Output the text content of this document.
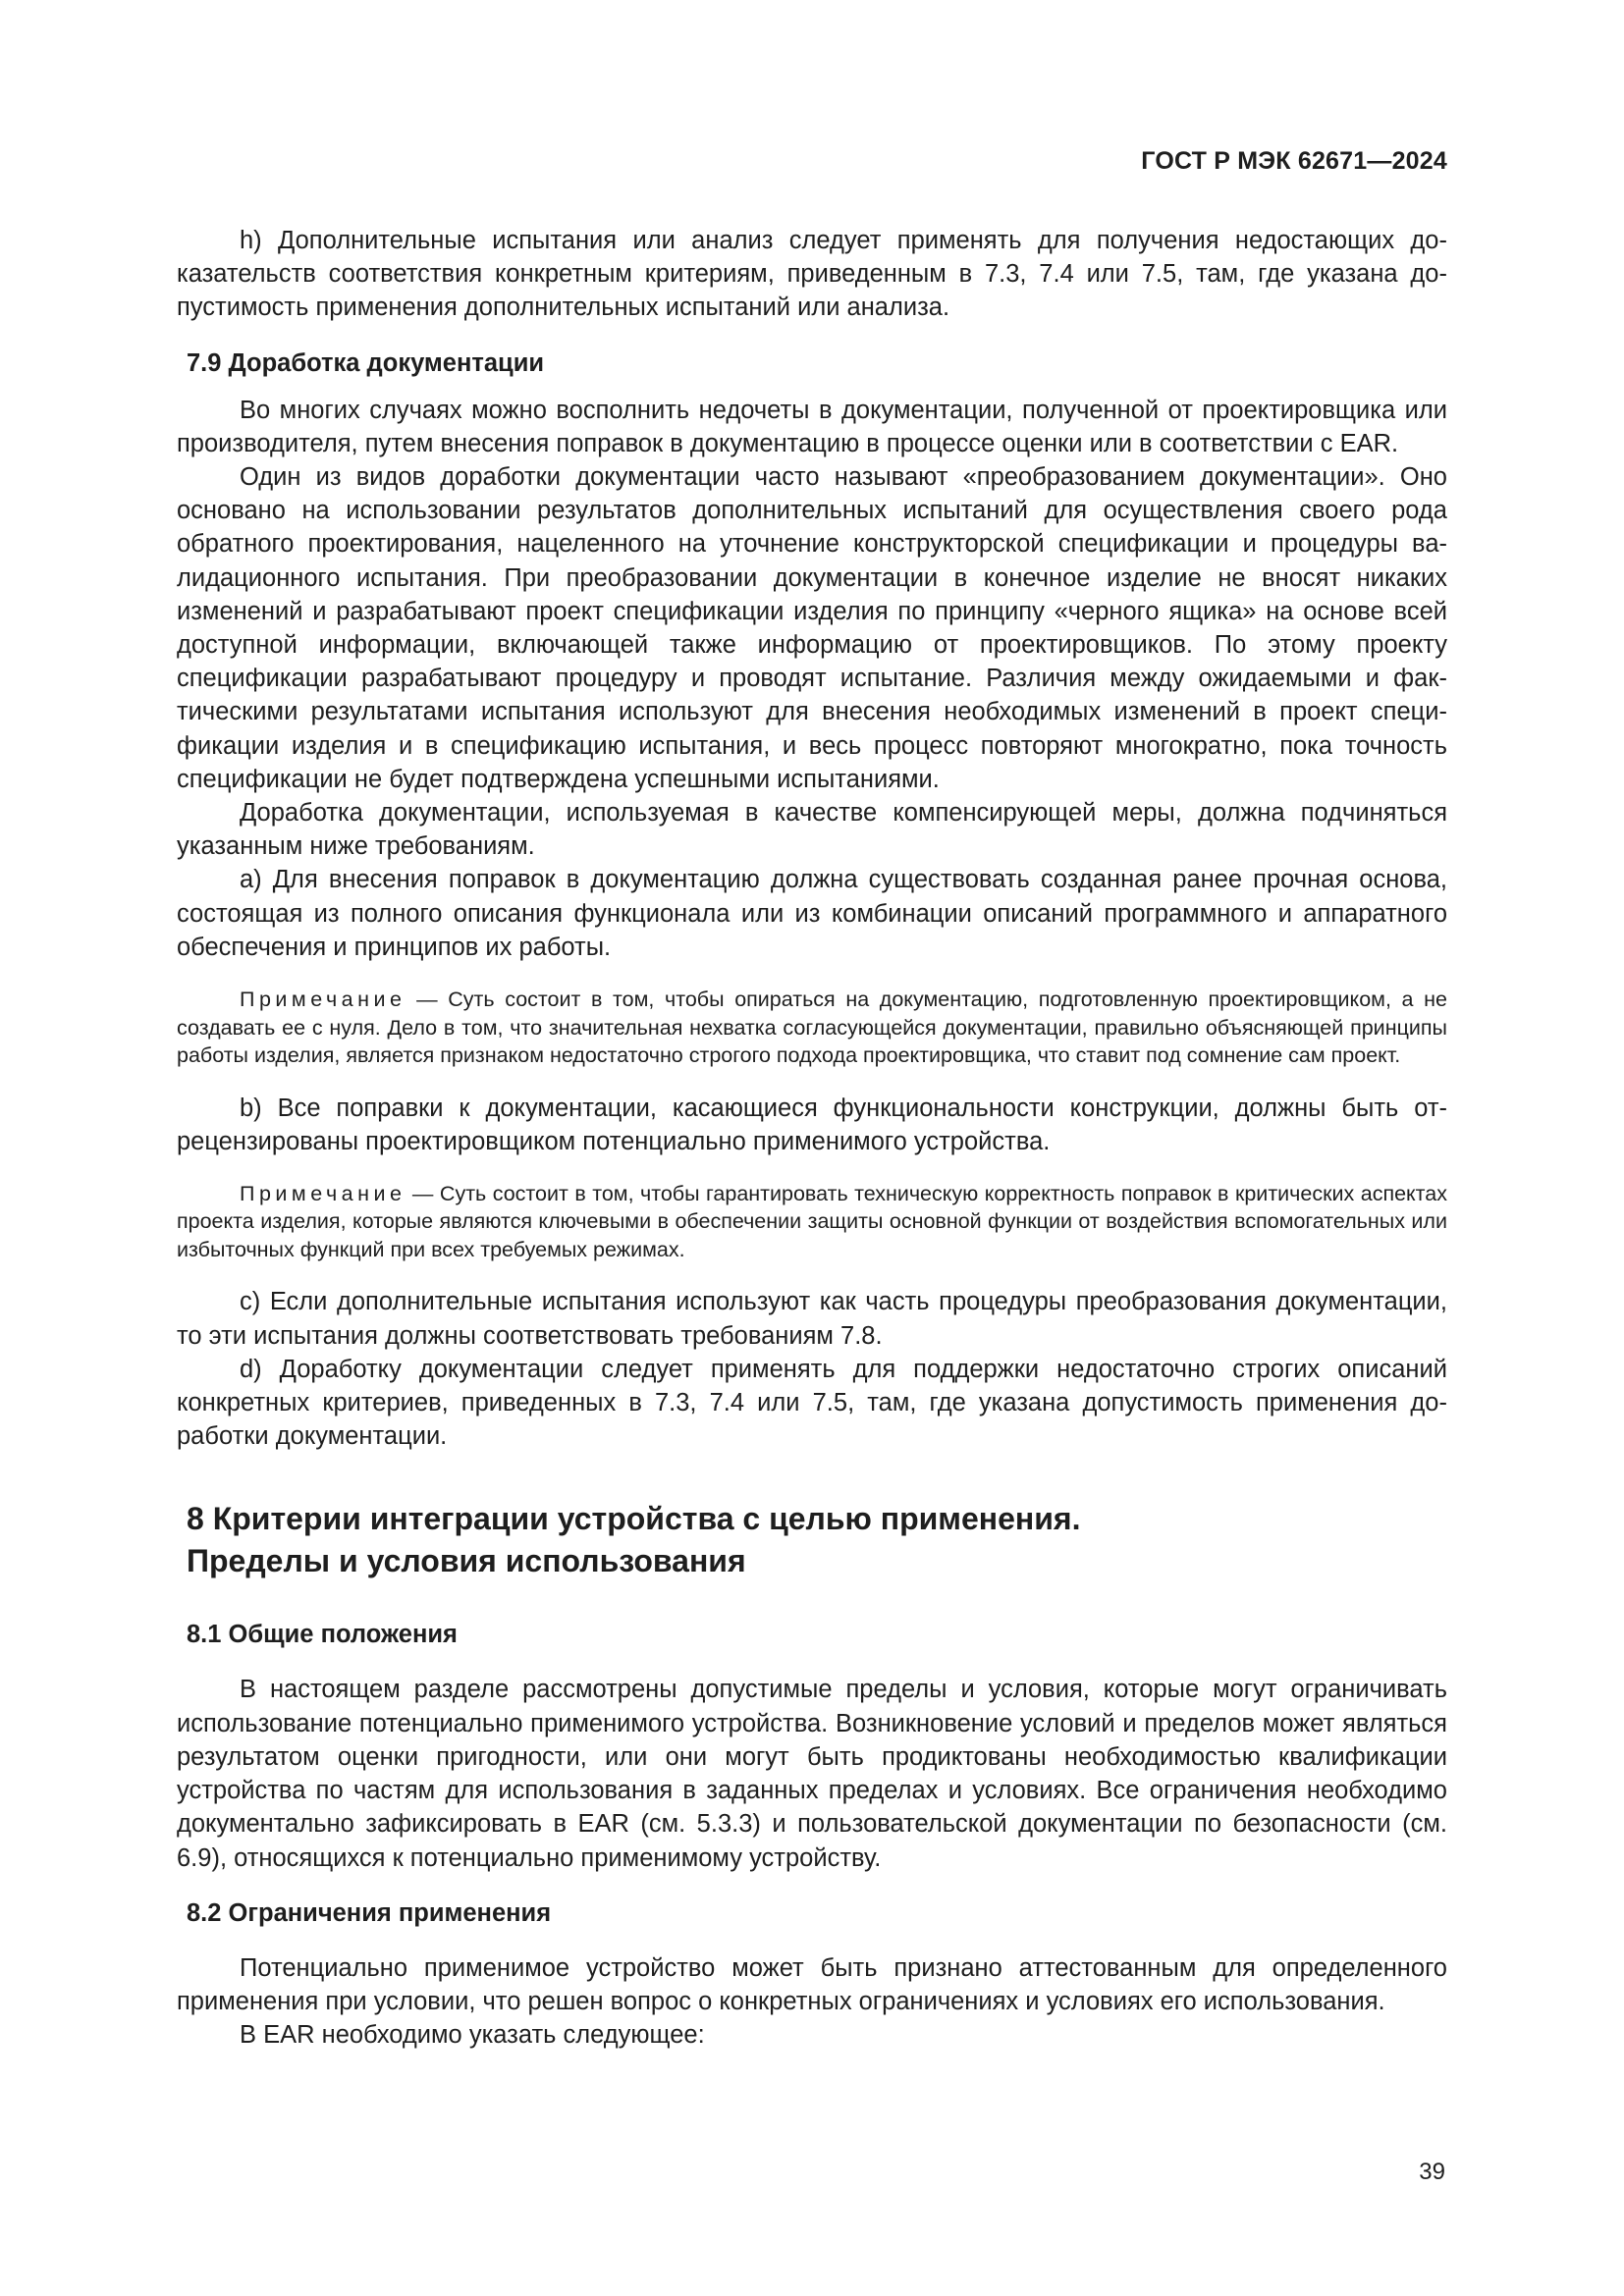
ГОСТ Р МЭК 62671—2024

h) Дополнительные испытания или анализ следует применять для получения недостающих доказательств соответствия конкретным критериям, приведенным в 7.3, 7.4 или 7.5, там, где указана допустимость применения дополнительных испытаний или анализа.

7.9 Доработка документации

Во многих случаях можно восполнить недочеты в документации, полученной от проектировщика или производителя, путем внесения поправок в документацию в процессе оценки или в соответствии с EAR.

Один из видов доработки документации часто называют «преобразованием документации». Оно основано на использовании результатов дополнительных испытаний для осуществления своего рода обратного проектирования, нацеленного на уточнение конструкторской спецификации и процедуры валидационного испытания. При преобразовании документации в конечное изделие не вносят никаких изменений и разрабатывают проект спецификации изделия по принципу «черного ящика» на основе всей доступной информации, включающей также информацию от проектировщиков. По этому проекту спецификации разрабатывают процедуру и проводят испытание. Различия между ожидаемыми и фактическими результатами испытания используют для внесения необходимых изменений в проект спецификации изделия и в спецификацию испытания, и весь процесс повторяют многократно, пока точность спецификации не будет подтверждена успешными испытаниями.

Доработка документации, используемая в качестве компенсирующей меры, должна подчиняться указанным ниже требованиям.

a) Для внесения поправок в документацию должна существовать созданная ранее прочная основа, состоящая из полного описания функционала или из комбинации описаний программного и аппаратного обеспечения и принципов их работы.

Примечание — Суть состоит в том, чтобы опираться на документацию, подготовленную проектировщиком, а не создавать ее с нуля. Дело в том, что значительная нехватка согласующейся документации, правильно объясняющей принципы работы изделия, является признаком недостаточно строгого подхода проектировщика, что ставит под сомнение сам проект.

b) Все поправки к документации, касающиеся функциональности конструкции, должны быть отрецензированы проектировщиком потенциально применимого устройства.

Примечание — Суть состоит в том, чтобы гарантировать техническую корректность поправок в критических аспектах проекта изделия, которые являются ключевыми в обеспечении защиты основной функции от воздействия вспомогательных или избыточных функций при всех требуемых режимах.

c) Если дополнительные испытания используют как часть процедуры преобразования документации, то эти испытания должны соответствовать требованиям 7.8.

d) Доработку документации следует применять для поддержки недостаточно строгих описаний конкретных критериев, приведенных в 7.3, 7.4 или 7.5, там, где указана допустимость применения доработки документации.

8 Критерии интеграции устройства с целью применения.
Пределы и условия использования
8.1 Общие положения

В настоящем разделе рассмотрены допустимые пределы и условия, которые могут ограничивать использование потенциально применимого устройства. Возникновение условий и пределов может являться результатом оценки пригодности, или они могут быть продиктованы необходимостью квалификации устройства по частям для использования в заданных пределах и условиях. Все ограничения необходимо документально зафиксировать в EAR (см. 5.3.3) и пользовательской документации по безопасности (см. 6.9), относящихся к потенциально применимому устройству.

8.2 Ограничения применения

Потенциально применимое устройство может быть признано аттестованным для определенного применения при условии, что решен вопрос о конкретных ограничениях и условиях его использования.

В EAR необходимо указать следующее:

39
